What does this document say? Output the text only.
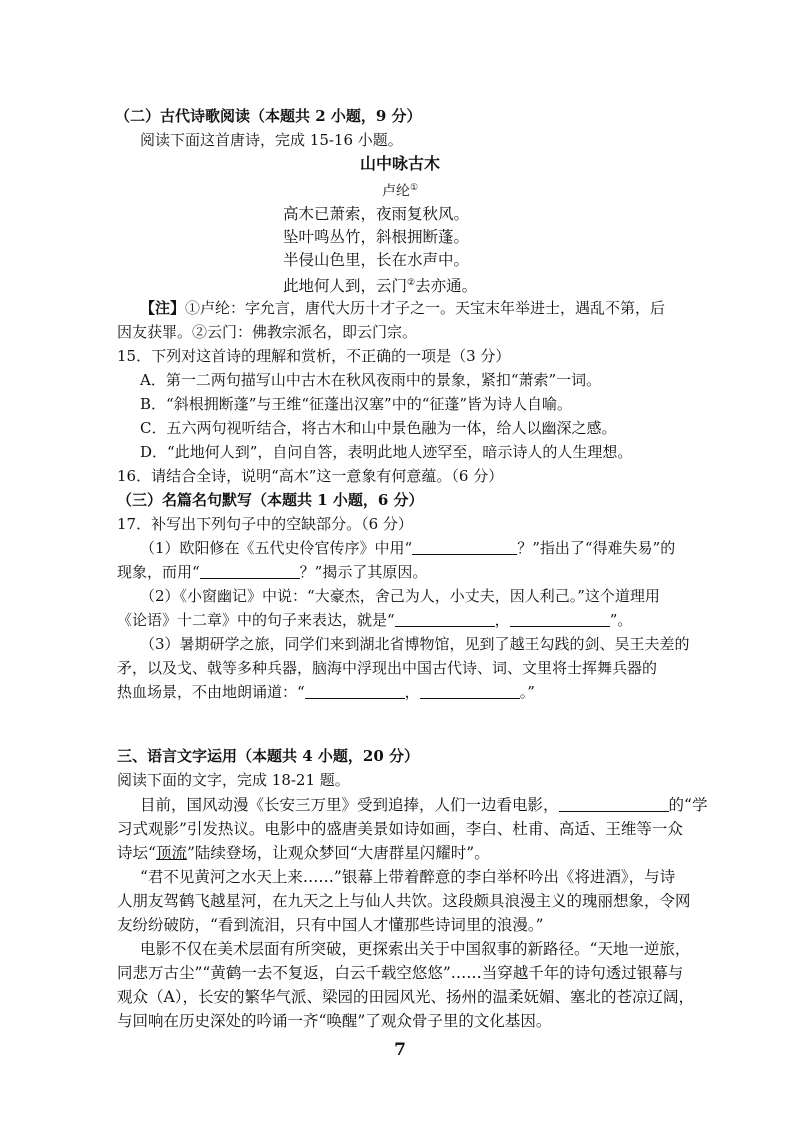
（二）古代诗歌阅读（本题共 2 小题，9 分）
阅读下面这首唐诗，完成 15-16 小题。
山中咏古木
卢纶①
高木已萧索，夜雨复秋风。
坠叶鸣丛竹，斜根拥断蓬。
半侵山色里，长在水声中。
此地何人到，云门②去亦通。
【注】①卢纶：字允言，唐代大历十才子之一。天宝末年举进士，遇乱不第，后
因友获罪。②云门：佛教宗派名，即云门宗。
15．下列对这首诗的理解和赏析，不正确的一项是（3 分）
A．第一二两句描写山中古木在秋风夜雨中的景象，紧扣“萧索”一词。
B．“斜根拥断蓬”与王维“征蓬出汉塞”中的“征蓬”皆为诗人自喻。
C．五六两句视听结合，将古木和山中景色融为一体，给人以幽深之感。
D．“此地何人到”，自问自答，表明此地人迹罕至，暗示诗人的人生理想。
16．请结合全诗，说明“高木”这一意象有何意蕴。（6 分）
（三）名篇名句默写（本题共 1 小题，6 分）
17．补写出下列句子中的空缺部分。（6 分）
（1）欧阳修在《五代史伶官传序》中用“	？”指出了“得难失易”的
现象，而用“	？”揭示了其原因。
（2）《小窗幽记》中说：“大豪杰，舍己为人，小丈夫，因人利己。”这个道理用
《论语》十二章》中的句子来表达，就是“	，	”。
（3）暑期研学之旅，同学们来到湖北省博物馆，见到了越王勾践的剑、吴王夫差的
矛，以及戈、戟等多种兵器，脑海中浮现出中国古代诗、词、文里将士挥舞兵器的
热血场景，不由地朗诵道：“	，	。”
三、语言文字运用（本题共 4 小题，20 分）
阅读下面的文字，完成 18-21 题。
目前，国风动漫《长安三万里》受到追捧，人们一边看电影，	的“学
习式观影”引发热议。电影中的盛唐美景如诗如画，李白、杜甫、高适、王维等一众
诗坛“顶流”陆续登场，让观众梦回“大唐群星闪耀时”。
“君不见黄河之水天上来……”银幕上带着醉意的李白举杯吟出《将进酒》，与诗
人朋友驾鹤飞越星河，在九天之上与仙人共饮。这段颇具浪漫主义的瑰丽想象，令网
友纷纷破防，“看到流泪，只有中国人才懂那些诗词里的浪漫。”
电影不仅在美术层面有所突破，更探索出关于中国叙事的新路径。“天地一逆旅，
同悲万古尘”“黄鹤一去不复返，白云千载空悠悠”……当穿越千年的诗句透过银幕与
观众（A），长安的繁华气派、梁园的田园风光、扬州的温柔妩媚、塞北的苍凉辽阔，
与回响在历史深处的吟诵一齐“唤醒”了观众骨子里的文化基因。
7
